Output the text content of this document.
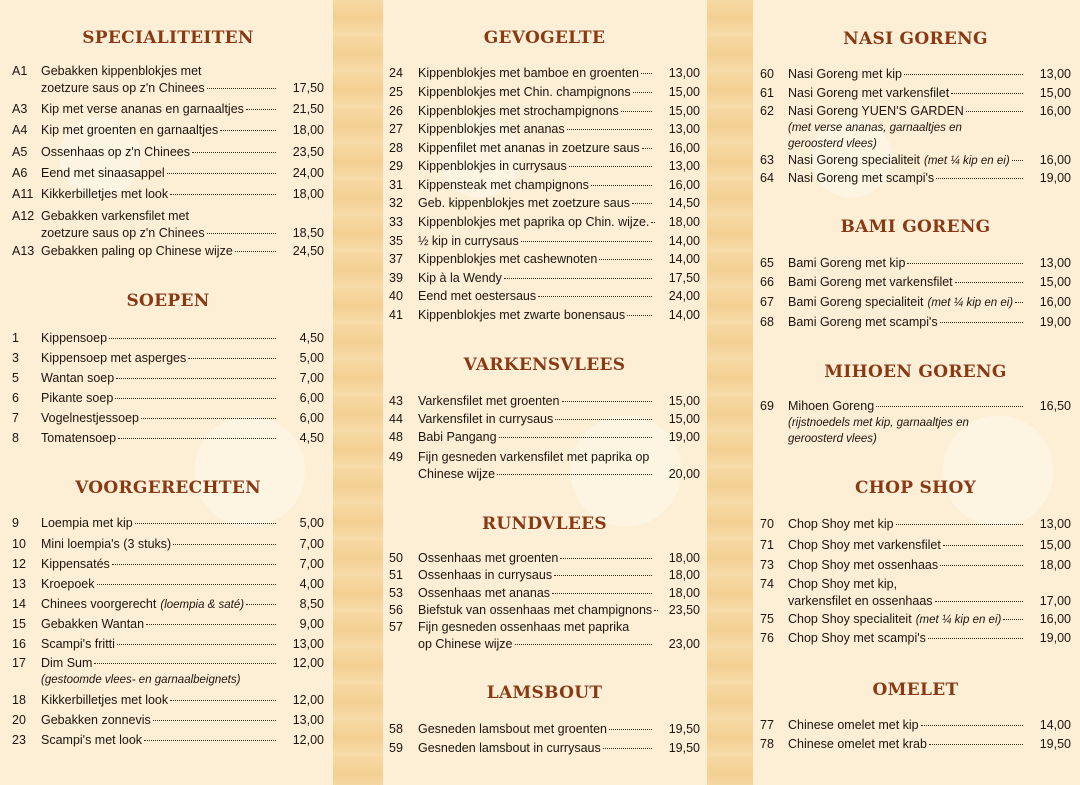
SPECIALITEITEN
A1 Gebakken kippenblokjes met
zoetzure saus op z'n Chinees	17,50
A3 Kip met verse ananas en garnaaltjes	21,50
A4 Kip met groenten en garnaaltjes	18,00
A5 Ossenhaas op z'n Chinees	23,50
A6 Eend met sinaasappel	24,00
A11 Kikkerbilletjes met look	18,00
A12 Gebakken varkensfilet met
zoetzure saus op z'n Chinees	18,50
A13 Gebakken paling op Chinese wijze	24,50
SOEPEN
1 Kippensoep	4,50
3 Kippensoep met asperges	5,00
5 Wantan soep	7,00
6 Pikante soep	6,00
7 Vogelnestjessoep	6,00
8 Tomatensoep	4,50
VOORGERECHTEN
9 Loempia met kip	5,00
10 Mini loempia's (3 stuks)	7,00
12 Kippensatés	7,00
13 Kroepoek	4,00
14 Chinees voorgerecht (loempia & saté)	8,50
15 Gebakken Wantan	9,00
16 Scampi's fritti	13,00
17 Dim Sum
(gestoomde vlees- en garnaalbeignets)
12,00
18 Kikkerbilletjes met look	12,00
20 Gebakken zonnevis	13,00
23 Scampi's met look	12,00
GEVOGELTE
24 Kippenblokjes met bamboe en groenten	13,00
25 Kippenblokjes met Chin. champignons	15,00
26 Kippenblokjes met strochampignons	15,00
27 Kippenblokjes met ananas	13,00
28 Kippenfilet met ananas in zoetzure saus	16,00
29 Kippenblokjes in currysaus	13,00
31 Kippensteak met champignons	16,00
32 Geb. kippenblokjes met zoetzure saus	14,50
33 Kippenblokjes met paprika op Chin. wijze.	18,00
35 ½ kip in currysaus	14,00
37 Kippenblokjes met cashewnoten	14,00
39 Kip à la Wendy	17,50
40 Eend met oestersaus	24,00
41 Kippenblokjes met zwarte bonensaus	14,00
VARKENSVLEES
43 Varkensfilet met groenten	15,00
44 Varkensfilet in currysaus	15,00
48 Babi Pangang	19,00
49 Fijn gesneden varkensfilet met paprika op
Chinese wijze	20,00
RUNDVLEES
50 Ossenhaas met groenten	18,00
51 Ossenhaas in currysaus	18,00
53 Ossenhaas met ananas	18,00
56 Biefstuk van ossenhaas met champignons	23,50
57 Fijn gesneden ossenhaas met paprika
op Chinese wijze	23,00
LAMSBOUT
58 Gesneden lamsbout met groenten	19,50
59 Gesneden lamsbout in currysaus	19,50
NASI GORENG
60 Nasi Goreng met kip	13,00
61 Nasi Goreng met varkensfilet	15,00
62 Nasi Goreng YUEN'S GARDEN
(met verse ananas, garnaaltjes en
geroosterd vlees)
16,00
63 Nasi Goreng specialiteit (met ¼ kip en ei)	16,00
64 Nasi Goreng met scampi's	19,00
BAMI GORENG
65 Bami Goreng met kip	13,00
66 Bami Goreng met varkensfilet	15,00
67 Bami Goreng specialiteit (met ¼ kip en ei)	16,00
68 Bami Goreng met scampi's	19,00
MIHOEN GORENG
69 Mihoen Goreng
(rijstnoedels met kip, garnaaltjes en
geroosterd vlees)
16,50
CHOP SHOY
70 Chop Shoy met kip	13,00
71 Chop Shoy met varkensfilet	15,00
73 Chop Shoy met ossenhaas	18,00
74 Chop Shoy met kip,
varkensfilet en ossenhaas	17,00
75 Chop Shoy specialiteit (met ¼ kip en ei)	16,00
76 Chop Shoy met scampi's	19,00
OMELET
77 Chinese omelet met kip	14,00
78 Chinese omelet met krab	19,50
